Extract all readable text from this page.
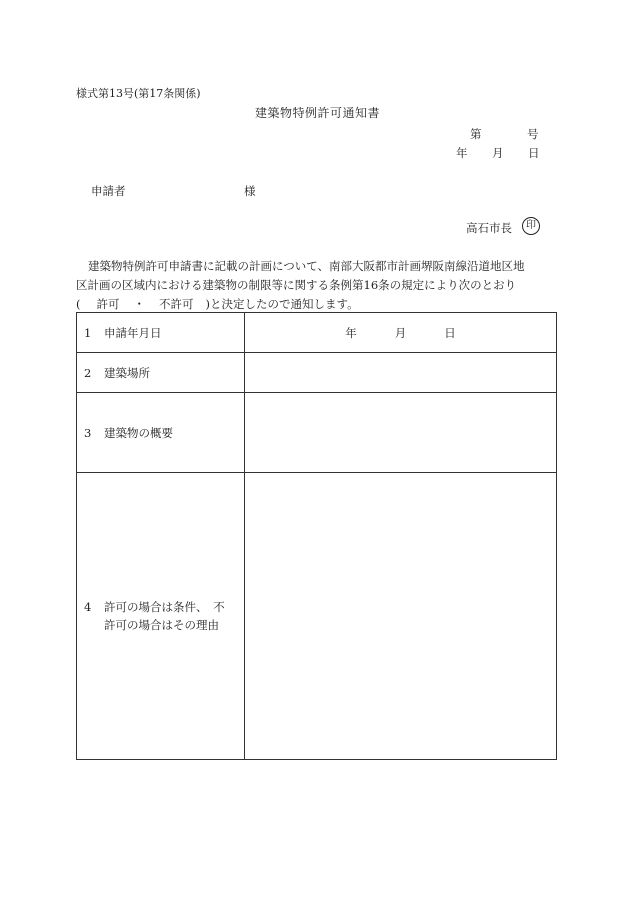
様式第13号(第17条関係)
建築物特例許可通知書
第	号
年 月 日
申請者	様
高石市長	印
建築物特例許可申請書に記載の計画について、南部大阪都市計画堺阪南線沿道地区地
区計画の区域内における建築物の制限等に関する条例第16条の規定により次のとおり
( 許可 ・ 不許可 )と決定したので通知します。
1 申請年月日	年 月 日
2 建築場所	
3 建築物の概要	
4 許可の場合は条件、　不
許可の場合はその理由	
